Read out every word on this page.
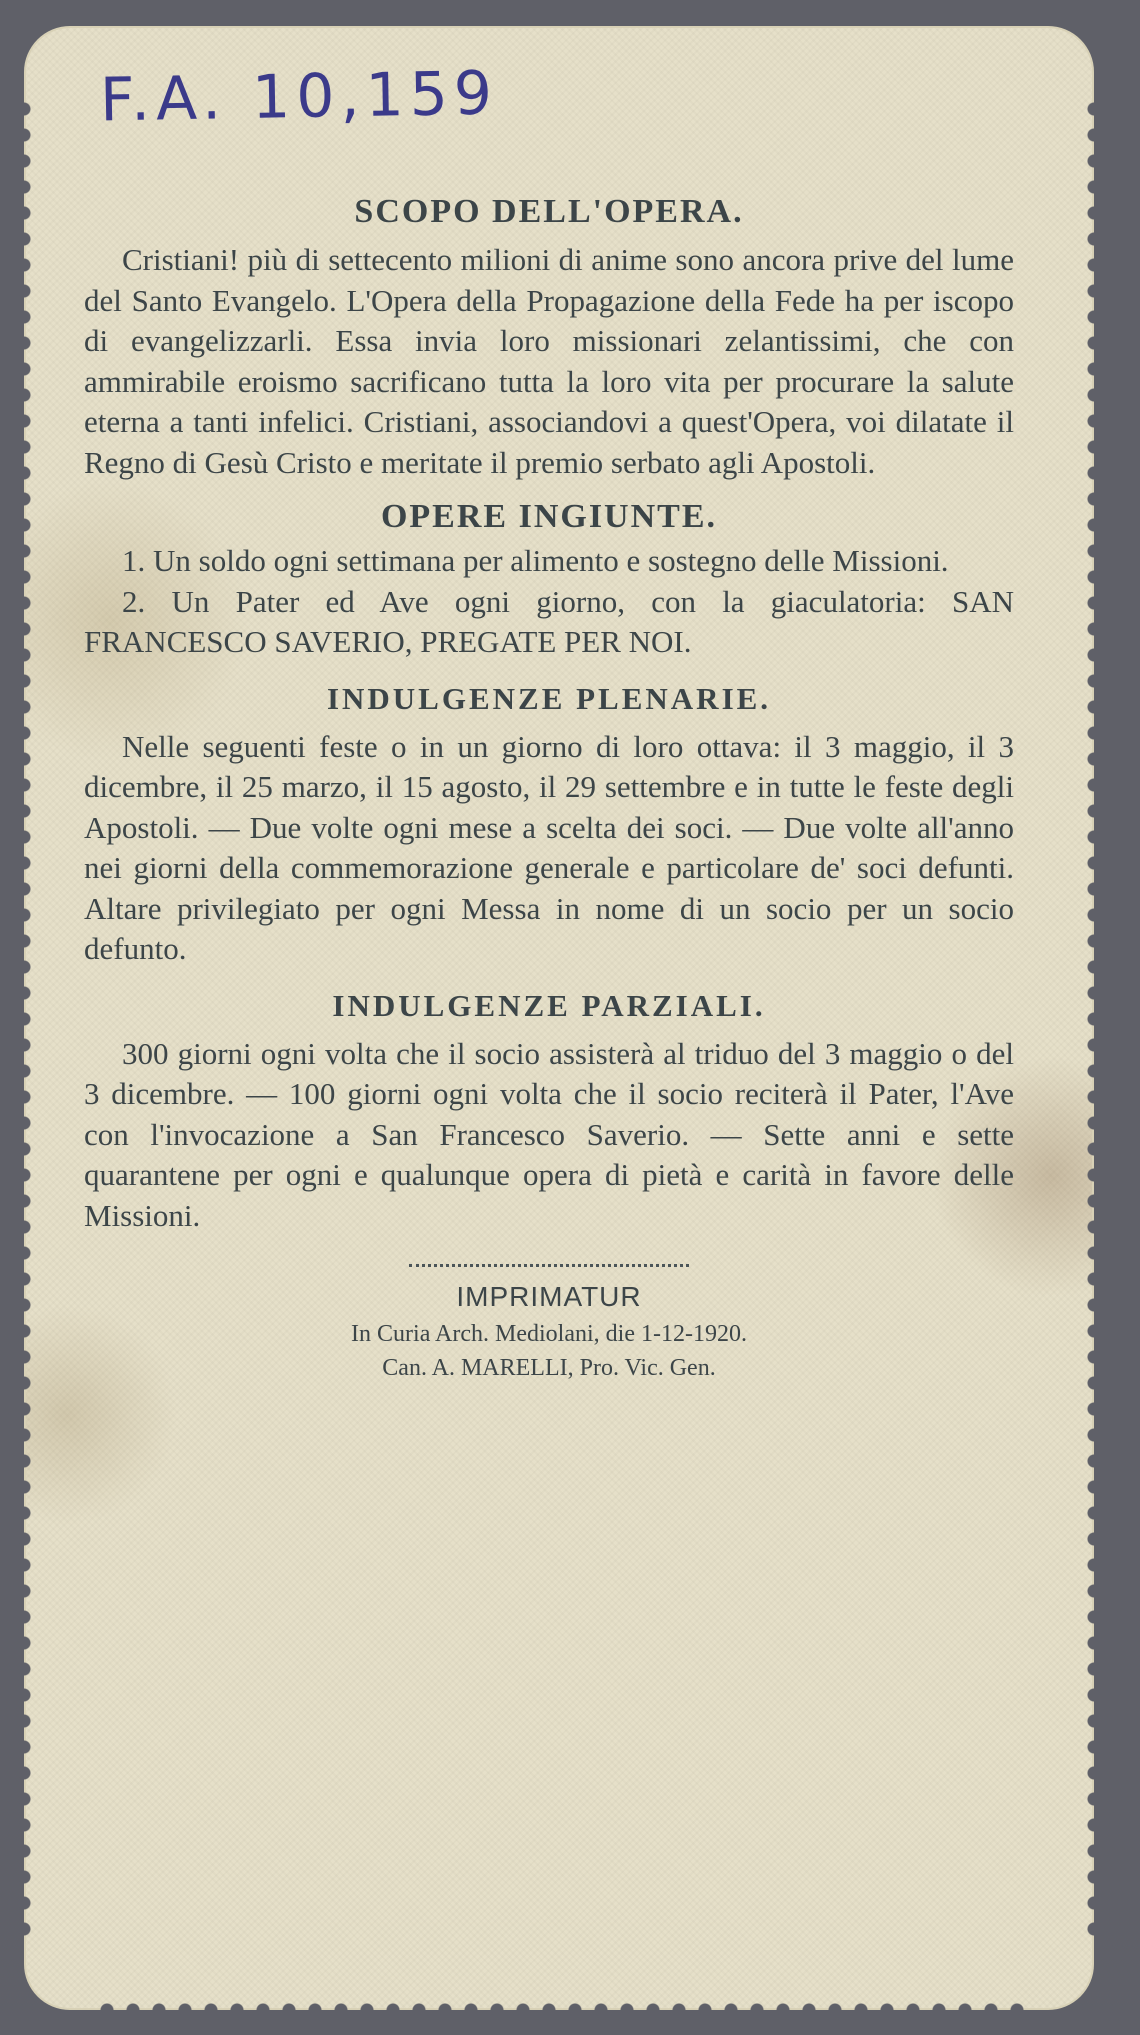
F.A. 10,159
SCOPO DELL'OPERA.

Cristiani! più di settecento milioni di anime sono ancora prive del lume del Santo Evangelo. L'Opera della Propagazione della Fede ha per iscopo di evangelizzarli. Essa invia loro missionari zelantissimi, che con ammirabile eroismo sacrificano tutta la loro vita per procurare la salute eterna a tanti infelici. Cristiani, associandovi a quest'Opera, voi dilatate il Regno di Gesù Cristo e meritate il premio serbato agli Apostoli.

OPERE INGIUNTE.

1. Un soldo ogni settimana per alimento e sostegno delle Missioni.

2. Un Pater ed Ave ogni giorno, con la giaculatoria: SAN FRANCESCO SAVERIO, PREGATE PER NOI.

INDULGENZE PLENARIE.

Nelle seguenti feste o in un giorno di loro ottava: il 3 maggio, il 3 dicembre, il 25 marzo, il 15 agosto, il 29 settembre e in tutte le feste degli Apostoli. — Due volte ogni mese a scelta dei soci. — Due volte all'anno nei giorni della commemorazione generale e particolare de' soci defunti. Altare privilegiato per ogni Messa in nome di un socio per un socio defunto.

INDULGENZE PARZIALI.

300 giorni ogni volta che il socio assisterà al triduo del 3 maggio o del 3 dicembre. — 100 giorni ogni volta che il socio reciterà il Pater, l'Ave con l'invocazione a San Francesco Saverio. — Sette anni e sette quarantene per ogni e qualunque opera di pietà e carità in favore delle Missioni.

IMPRIMATUR
In Curia Arch. Mediolani, die 1-12-1920.
Can. A. MARELLI, Pro. Vic. Gen.
